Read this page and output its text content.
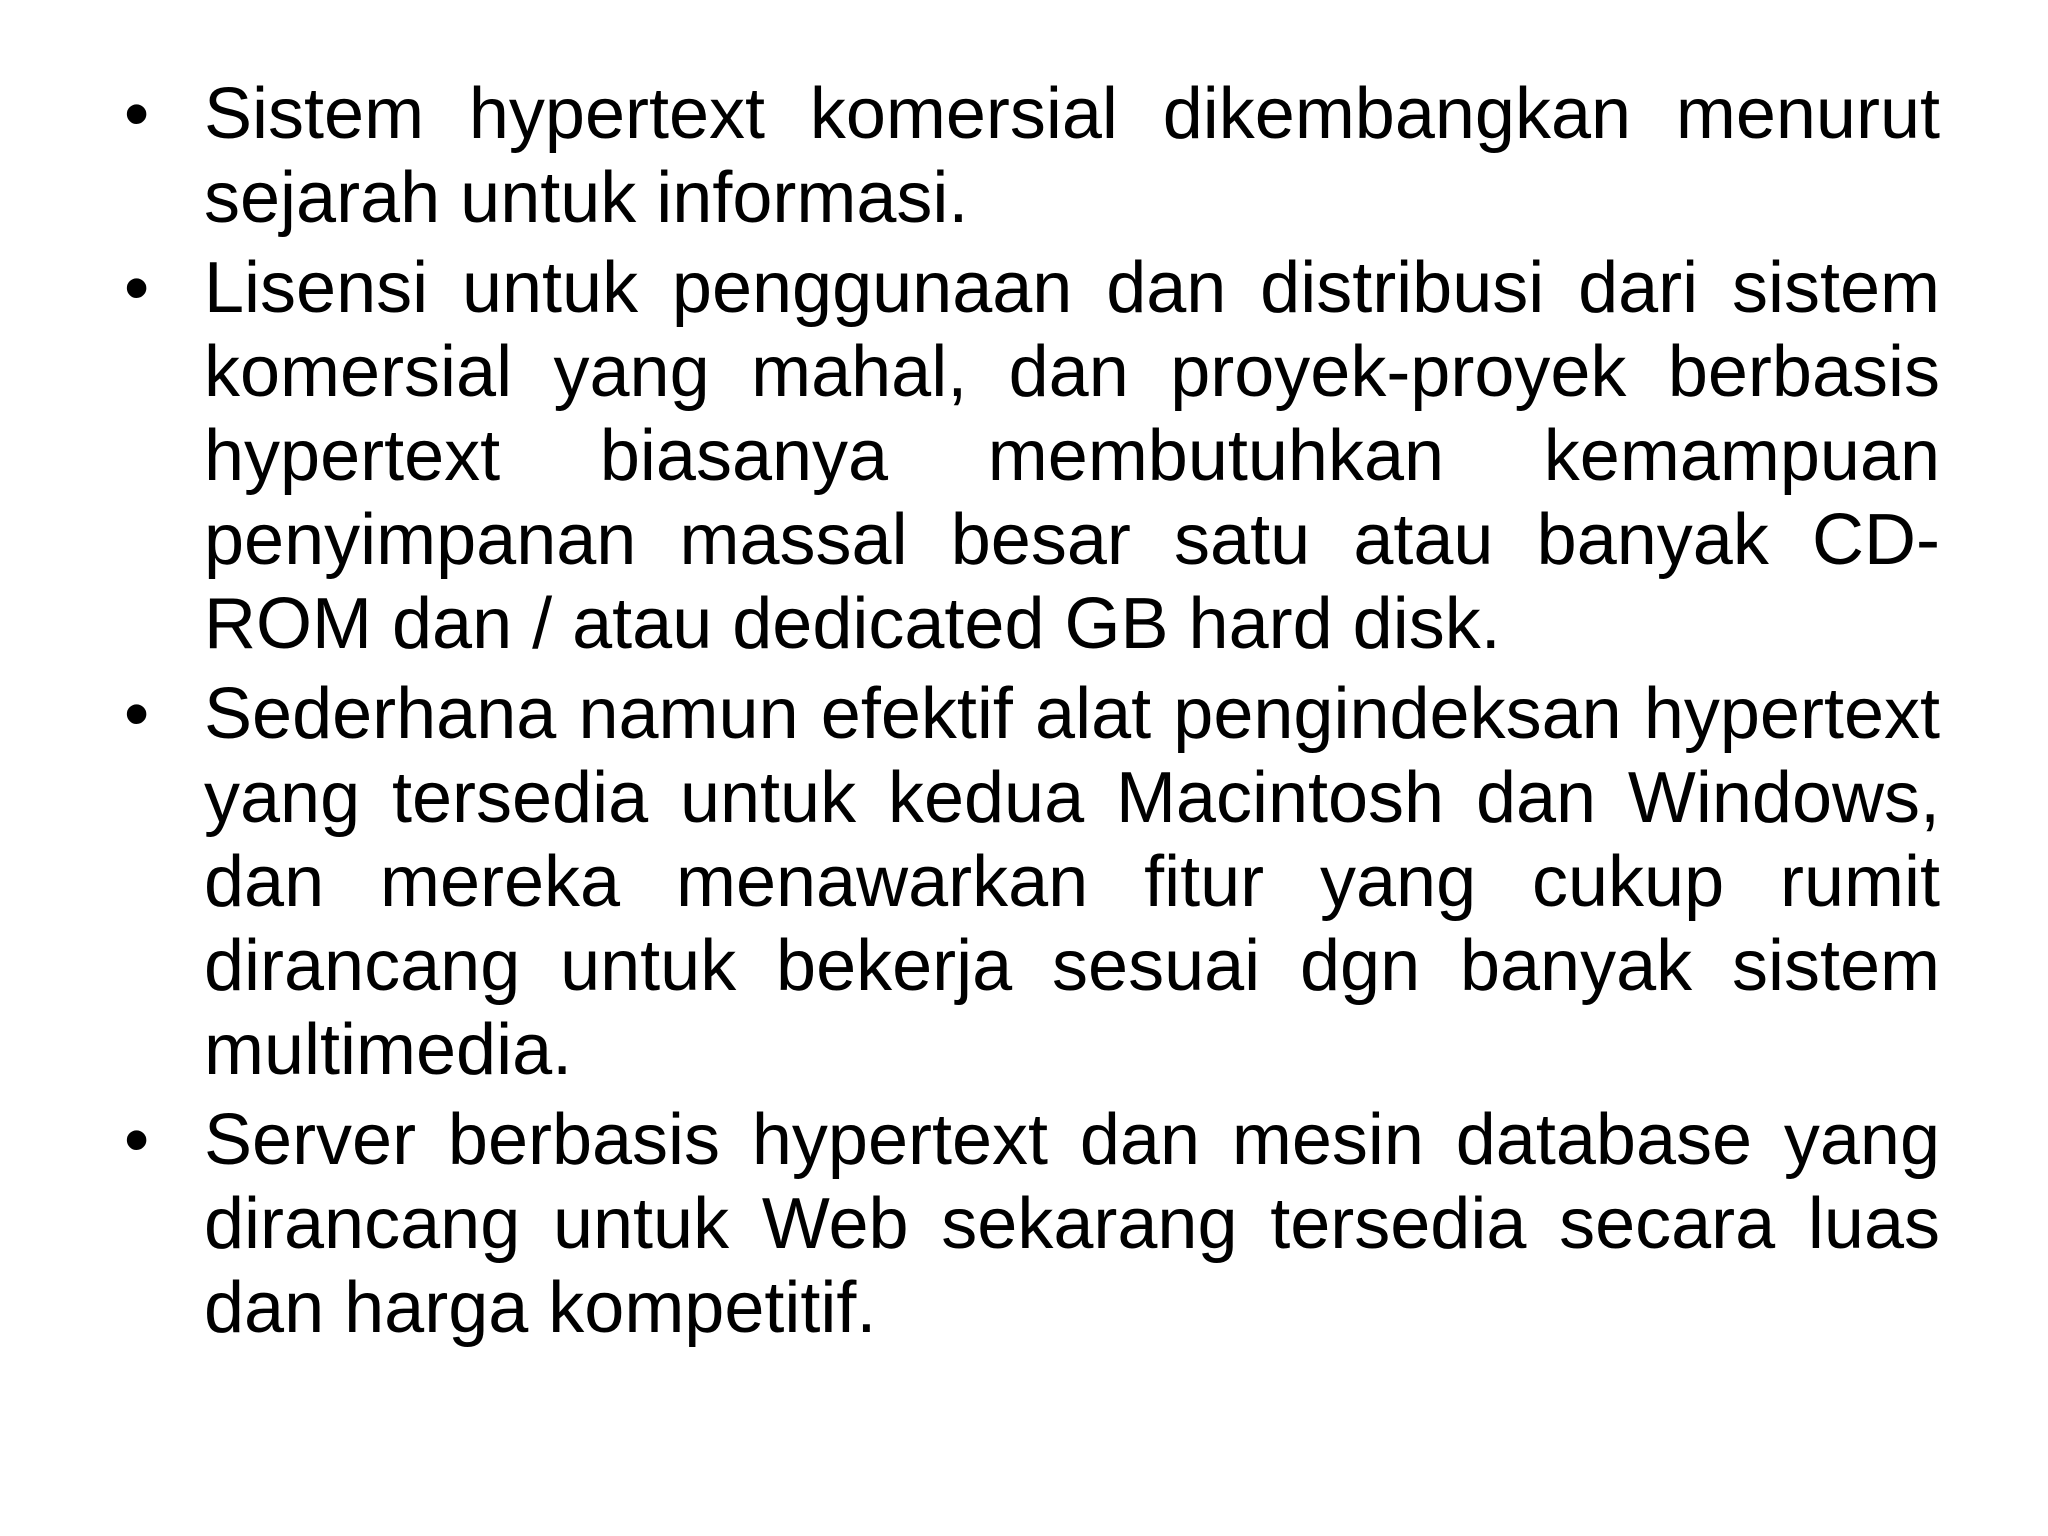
• Sistem hypertext komersial dikembangkan menurut sejarah untuk informasi.
• Lisensi untuk penggunaan dan distribusi dari sistem komersial yang mahal, dan proyek-proyek berbasis hypertext biasanya membutuhkan kemampuan penyimpanan massal besar satu atau banyak CD-ROM dan / atau dedicated GB hard disk.
• Sederhana namun efektif alat pengindeksan hypertext yang tersedia untuk kedua Macintosh dan Windows, dan mereka menawarkan fitur yang cukup rumit dirancang untuk bekerja sesuai dgn banyak sistem multimedia.
• Server berbasis hypertext dan mesin database yang dirancang untuk Web sekarang tersedia secara luas dan harga kompetitif.
